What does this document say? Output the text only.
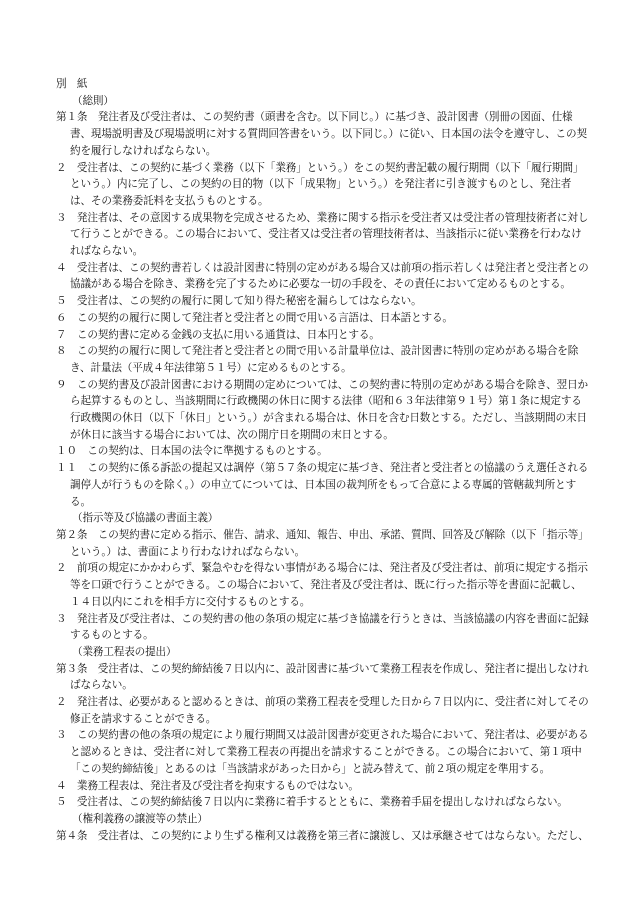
別　紙

（総則）

第１条　発注者及び受注者は、この契約書（頭書を含む。以下同じ。）に基づき、設計図書（別冊の図面、仕様書、現場説明書及び現場説明に対する質問回答書をいう。以下同じ。）に従い、日本国の法令を遵守し、この契約を履行しなければならない。

２　受注者は、この契約に基づく業務（以下「業務」という。）をこの契約書記載の履行期間（以下「履行期間」という。）内に完了し、この契約の目的物（以下「成果物」という。）を発注者に引き渡すものとし、発注者は、その業務委託料を支払うものとする。

３　発注者は、その意図する成果物を完成させるため、業務に関する指示を受注者又は受注者の管理技術者に対して行うことができる。この場合において、受注者又は受注者の管理技術者は、当該指示に従い業務を行わなければならない。

４　受注者は、この契約書若しくは設計図書に特別の定めがある場合又は前項の指示若しくは発注者と受注者との協議がある場合を除き、業務を完了するために必要な一切の手段を、その責任において定めるものとする。

５　受注者は、この契約の履行に関して知り得た秘密を漏らしてはならない。

６　この契約の履行に関して発注者と受注者との間で用いる言語は、日本語とする。

７　この契約書に定める金銭の支払に用いる通貨は、日本円とする。

８　この契約の履行に関して発注者と受注者との間で用いる計量単位は、設計図書に特別の定めがある場合を除き、計量法（平成４年法律第５１号）に定めるものとする。

９　この契約書及び設計図書における期間の定めについては、この契約書に特別の定めがある場合を除き、翌日から起算するものとし、当該期間に行政機関の休日に関する法律（昭和６３年法律第９１号）第１条に規定する行政機関の休日（以下「休日」という。）が含まれる場合は、休日を含む日数とする。ただし、当該期間の末日が休日に該当する場合においては、次の開庁日を期間の末日とする。

１０　この契約は、日本国の法令に準拠するものとする。

１１　この契約に係る訴訟の提起又は調停（第５７条の規定に基づき、発注者と受注者との協議のうえ選任される調停人が行うものを除く。）の申立てについては、日本国の裁判所をもって合意による専属的管轄裁判所とする。

（指示等及び協議の書面主義）

第２条　この契約書に定める指示、催告、請求、通知、報告、申出、承諾、質問、回答及び解除（以下「指示等」という。）は、書面により行わなければならない。

２　前項の規定にかかわらず、緊急やむを得ない事情がある場合には、発注者及び受注者は、前項に規定する指示等を口頭で行うことができる。この場合において、発注者及び受注者は、既に行った指示等を書面に記載し、１４日以内にこれを相手方に交付するものとする。

３　発注者及び受注者は、この契約書の他の条項の規定に基づき協議を行うときは、当該協議の内容を書面に記録するものとする。

（業務工程表の提出）

第３条　受注者は、この契約締結後７日以内に、設計図書に基づいて業務工程表を作成し、発注者に提出しなければならない。

２　発注者は、必要があると認めるときは、前項の業務工程表を受理した日から７日以内に、受注者に対してその修正を請求することができる。

３　この契約書の他の条項の規定により履行期間又は設計図書が変更された場合において、発注者は、必要があると認めるときは、受注者に対して業務工程表の再提出を請求することができる。この場合において、第１項中「この契約締結後」とあるのは「当該請求があった日から」と読み替えて、前２項の規定を準用する。

４　業務工程表は、発注者及び受注者を拘束するものではない。

５　受注者は、この契約締結後７日以内に業務に着手するとともに、業務着手届を提出しなければならない。

（権利義務の譲渡等の禁止）

第４条　受注者は、この契約により生ずる権利又は義務を第三者に譲渡し、又は承継させてはならない。ただし、
